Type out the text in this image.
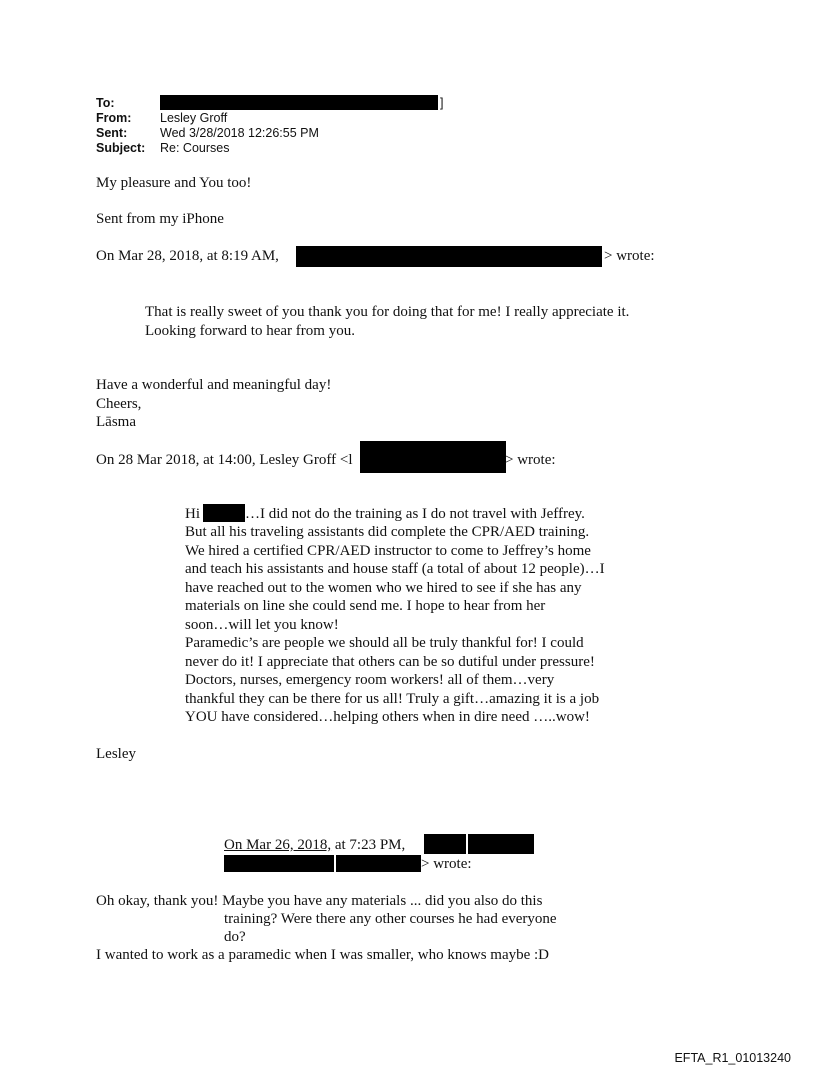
To:	]
From: Lesley Groff
Sent:	Wed 3/28/2018 12:26:55 PM
Subject: Re: Courses
My pleasure and You too!
Sent from my iPhone
On Mar 28, 2018, at 8:19 AM,	> wrote:
That is really sweet of you thank you for doing that for me! I really appreciate it.
Looking forward to hear from you.
Have a wonderful and meaningful day!
Cheers,
Lāsma
On 28 Mar 2018, at 14:00, Lesley Groff <l	> wrote:
Hi	…I did not do the training as I do not travel with Jeffrey.
But all his traveling assistants did complete the CPR/AED training.
We hired a certified CPR/AED instructor to come to Jeffrey’s home
and teach his assistants and house staff (a total of about 12 people)…I
have reached out to the women who we hired to see if she has any
materials on line she could send me. I hope to hear from her
soon…will let you know!
Paramedic’s are people we should all be truly thankful for! I could
never do it! I appreciate that others can be so dutiful under pressure!
Doctors, nurses, emergency room workers! all of them…very
thankful they can be there for us all! Truly a gift…amazing it is a job
YOU have considered…helping others when in dire need …..wow!
Lesley
On Mar 26, 2018, at 7:23 PM,
> wrote:
Oh okay, thank you! Maybe you have any materials ... did you also do this
training? Were there any other courses he had everyone
do?
I wanted to work as a paramedic when I was smaller, who knows maybe :D
EFTA_R1_01013240
